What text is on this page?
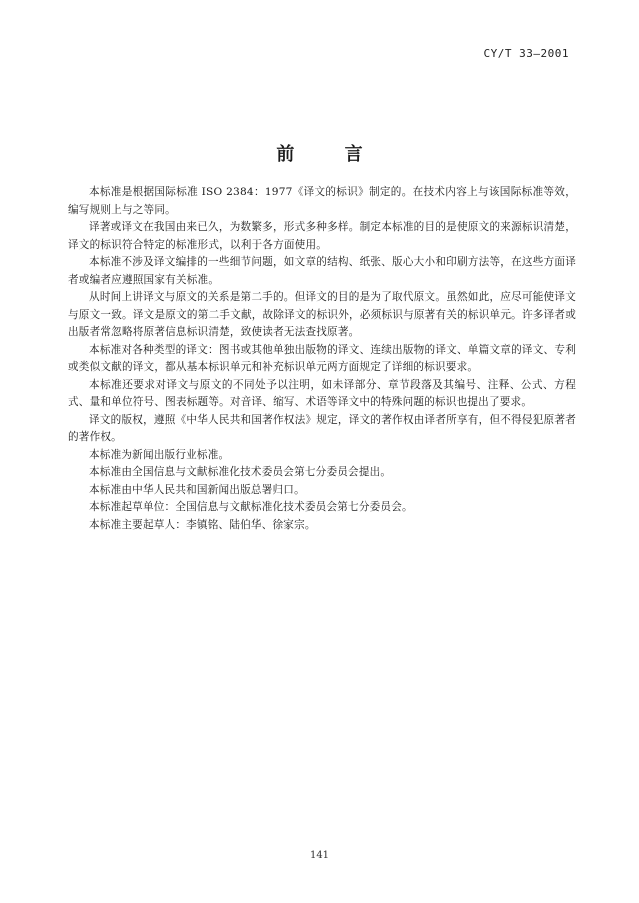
CY/T 33—2001
前 言

本标准是根据国际标准 ISO 2384：1977《译文的标识》制定的。在技术内容上与该国际标准等效，编写规则上与之等同。

译著或译文在我国由来已久，为数繁多，形式多种多样。制定本标准的目的是使原文的来源标识清楚，译文的标识符合特定的标准形式，以利于各方面使用。

本标准不涉及译文编排的一些细节问题，如文章的结构、纸张、版心大小和印刷方法等，在这些方面译者或编者应遵照国家有关标准。

从时间上讲译文与原文的关系是第二手的。但译文的目的是为了取代原文。虽然如此，应尽可能使译文与原文一致。译文是原文的第二手文献，故除译文的标识外，必须标识与原著有关的标识单元。许多译者或出版者常忽略将原著信息标识清楚，致使读者无法查找原著。

本标准对各种类型的译文：图书或其他单独出版物的译文、连续出版物的译文、单篇文章的译文、专利或类似文献的译文，都从基本标识单元和补充标识单元两方面规定了详细的标识要求。

本标准还要求对译文与原文的不同处予以注明，如未译部分、章节段落及其编号、注释、公式、方程式、量和单位符号、图表标题等。对音译、缩写、术语等译文中的特殊问题的标识也提出了要求。

译文的版权，遵照《中华人民共和国著作权法》规定，译文的著作权由译者所享有，但不得侵犯原著者的著作权。

本标准为新闻出版行业标准。

本标准由全国信息与文献标准化技术委员会第七分委员会提出。

本标准由中华人民共和国新闻出版总署归口。

本标准起草单位：全国信息与文献标准化技术委员会第七分委员会。

本标准主要起草人：李镇铭、陆伯华、徐家宗。

141
